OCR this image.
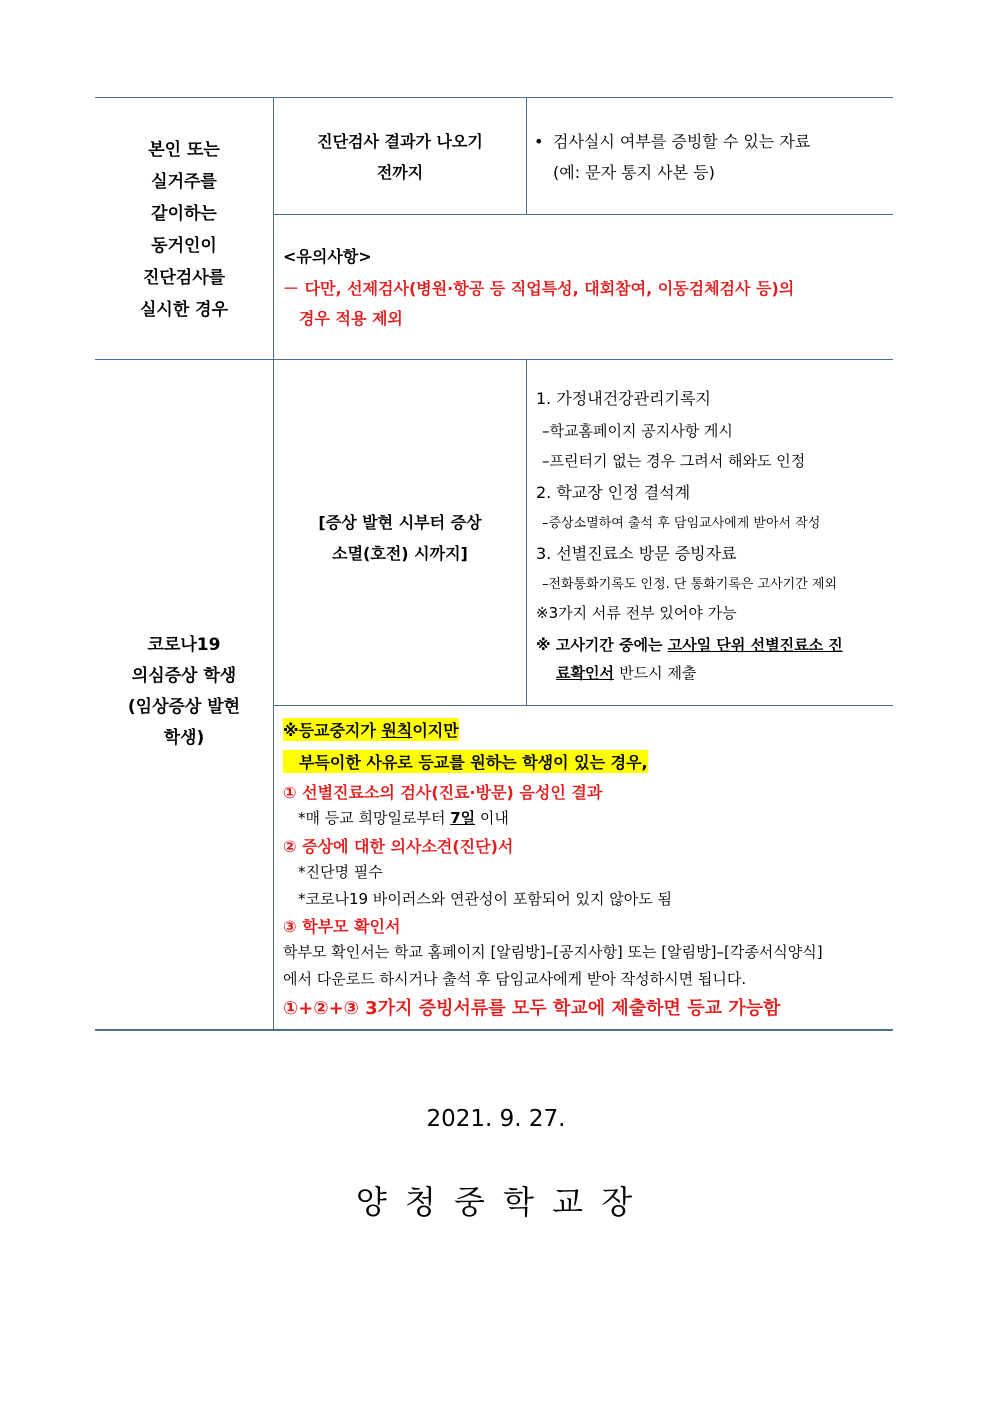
본인 또는
실거주를
같이하는
동거인이
진단검사를
실시한 경우
진단검사 결과가 나오기
전까지
• 검사실시 여부를 증빙할 수 있는 자료
(예: 문자 통지 사본 등)
<유의사항>
－ 다만, 선제검사(병원·항공 등 직업특성, 대회참여, 이동검체검사 등)의
경우 적용 제외
코로나19
의심증상 학생
(임상증상 발현
학생)
[증상 발현 시부터 증상
소멸(호전) 시까지]
1. 가정내건강관리기록지
–학교홈페이지 공지사항 게시
–프린터기 없는 경우 그려서 해와도 인정
2. 학교장 인정 결석계
–증상소멸하여 출석 후 담임교사에게 받아서 작성
3. 선별진료소 방문 증빙자료
–전화통화기록도 인정. 단 통화기록은 고사기간 제외
※3가지 서류 전부 있어야 가능
※ 고사기간 중에는 고사일 단위 선별진료소 진
료확인서 반드시 제출
※등교중지가 원칙이지만
부득이한 사유로 등교를 원하는 학생이 있는 경우,
① 선별진료소의 검사(진료·방문) 음성인 결과
*매 등교 희망일로부터 7일 이내
② 증상에 대한 의사소견(진단)서
*진단명 필수
*코로나19 바이러스와 연관성이 포함되어 있지 않아도 됨
③ 학부모 확인서
학부모 확인서는 학교 홈페이지 [알림방]–[공지사항] 또는 [알림방]–[각종서식양식]
에서 다운로드 하시거나 출석 후 담임교사에게 받아 작성하시면 됩니다.
①+②+③ 3가지 증빙서류를 모두 학교에 제출하면 등교 가능함
2021. 9. 27.
양 청 중 학 교 장
